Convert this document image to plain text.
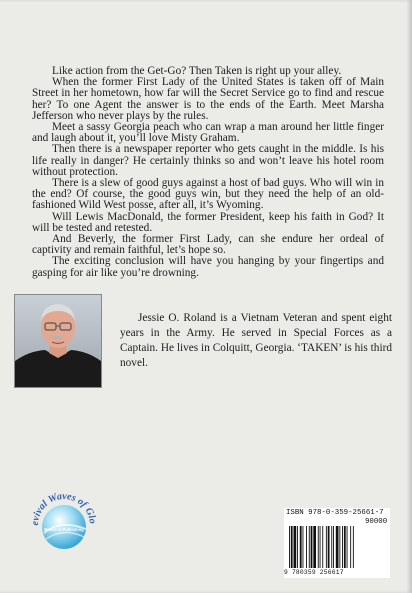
Like action from the Get-Go? Then Taken is right up your alley.

When the former First Lady of the United States is taken off of Main Street in her hometown, how far will the Secret Service go to find and rescue her? To one Agent the answer is to the ends of the Earth. Meet Marsha Jefferson who never plays by the rules.

Meet a sassy Georgia peach who can wrap a man around her little finger and laugh about it, you’ll love Misty Graham.

Then there is a newspaper reporter who gets caught in the middle. Is his life really in danger? He certainly thinks so and won’t leave his hotel room without protection.

There is a slew of good guys against a host of bad guys. Who will win in the end? Of course, the good guys win, but they need the help of an old-fashioned Wild West posse, after all, it’s Wyoming.

Will Lewis MacDonald, the former President, keep his faith in God? It will be tested and retested.

And Beverly, the former First Lady, can she endure her ordeal of captivity and remain faithful, let’s hope so.

The exciting conclusion will have you hanging by your fingertips and gasping for air like you’re drowning.

Jessie O. Roland is a Vietnam Veteran and spent eight years in the Army. He served in Special Forces as a Captain. He lives in Colquitt, Georgia. ‘TAKEN’ is his third novel.

evival Waves of Glo
Books & Publishing
ISBN 978-0-359-25661-7
90000
9 780359 256617
